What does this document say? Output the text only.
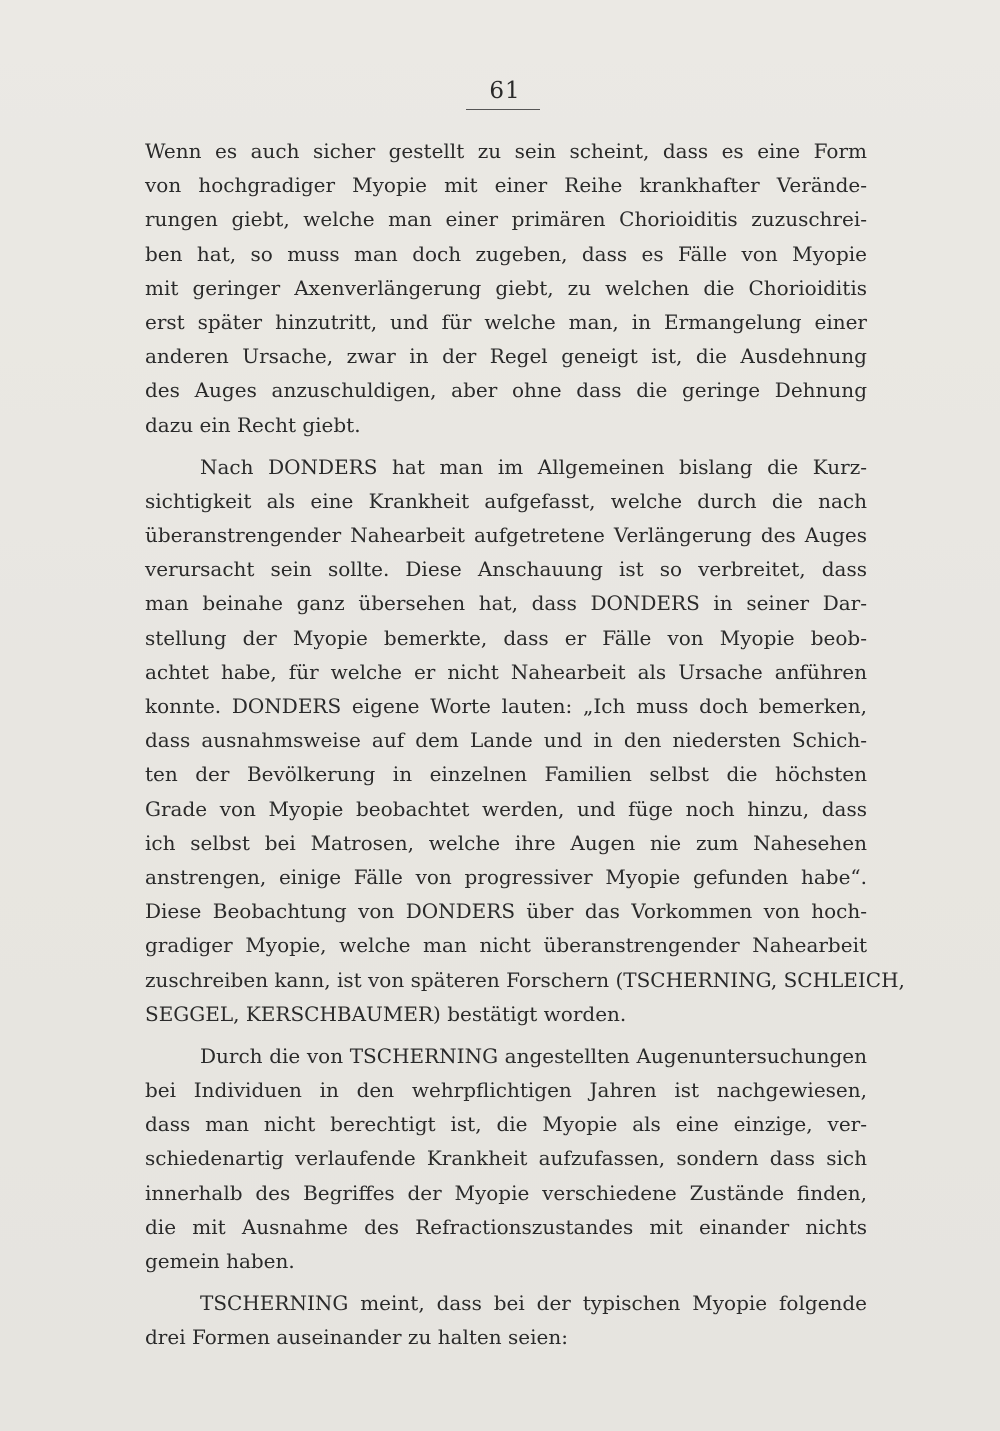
61
Wenn es auch sicher gestellt zu sein scheint, dass es eine Form
von hochgradiger Myopie mit einer Reihe krankhafter Verände-
rungen giebt, welche man einer primären Chorioiditis zuzuschrei-
ben hat, so muss man doch zugeben, dass es Fälle von Myopie
mit geringer Axenverlängerung giebt, zu welchen die Chorioiditis
erst später hinzutritt, und für welche man, in Ermangelung einer
anderen Ursache, zwar in der Regel geneigt ist, die Ausdehnung
des Auges anzuschuldigen, aber ohne dass die geringe Dehnung
dazu ein Recht giebt.
Nach DONDERS hat man im Allgemeinen bislang die Kurz-
sichtigkeit als eine Krankheit aufgefasst, welche durch die nach
überanstrengender Nahearbeit aufgetretene Verlängerung des Auges
verursacht sein sollte. Diese Anschauung ist so verbreitet, dass
man beinahe ganz übersehen hat, dass DONDERS in seiner Dar-
stellung der Myopie bemerkte, dass er Fälle von Myopie beob-
achtet habe, für welche er nicht Nahearbeit als Ursache anführen
konnte. DONDERS eigene Worte lauten: „Ich muss doch bemerken,
dass ausnahmsweise auf dem Lande und in den niedersten Schich-
ten der Bevölkerung in einzelnen Familien selbst die höchsten
Grade von Myopie beobachtet werden, und füge noch hinzu, dass
ich selbst bei Matrosen, welche ihre Augen nie zum Nahesehen
anstrengen, einige Fälle von progressiver Myopie gefunden habe“.
Diese Beobachtung von DONDERS über das Vorkommen von hoch-
gradiger Myopie, welche man nicht überanstrengender Nahearbeit
zuschreiben kann, ist von späteren Forschern (TSCHERNING, SCHLEICH,
SEGGEL, KERSCHBAUMER) bestätigt worden.
Durch die von TSCHERNING angestellten Augenuntersuchungen
bei Individuen in den wehrpflichtigen Jahren ist nachgewiesen,
dass man nicht berechtigt ist, die Myopie als eine einzige, ver-
schiedenartig verlaufende Krankheit aufzufassen, sondern dass sich
innerhalb des Begriffes der Myopie verschiedene Zustände finden,
die mit Ausnahme des Refractionszustandes mit einander nichts
gemein haben.
TSCHERNING meint, dass bei der typischen Myopie folgende
drei Formen auseinander zu halten seien:
